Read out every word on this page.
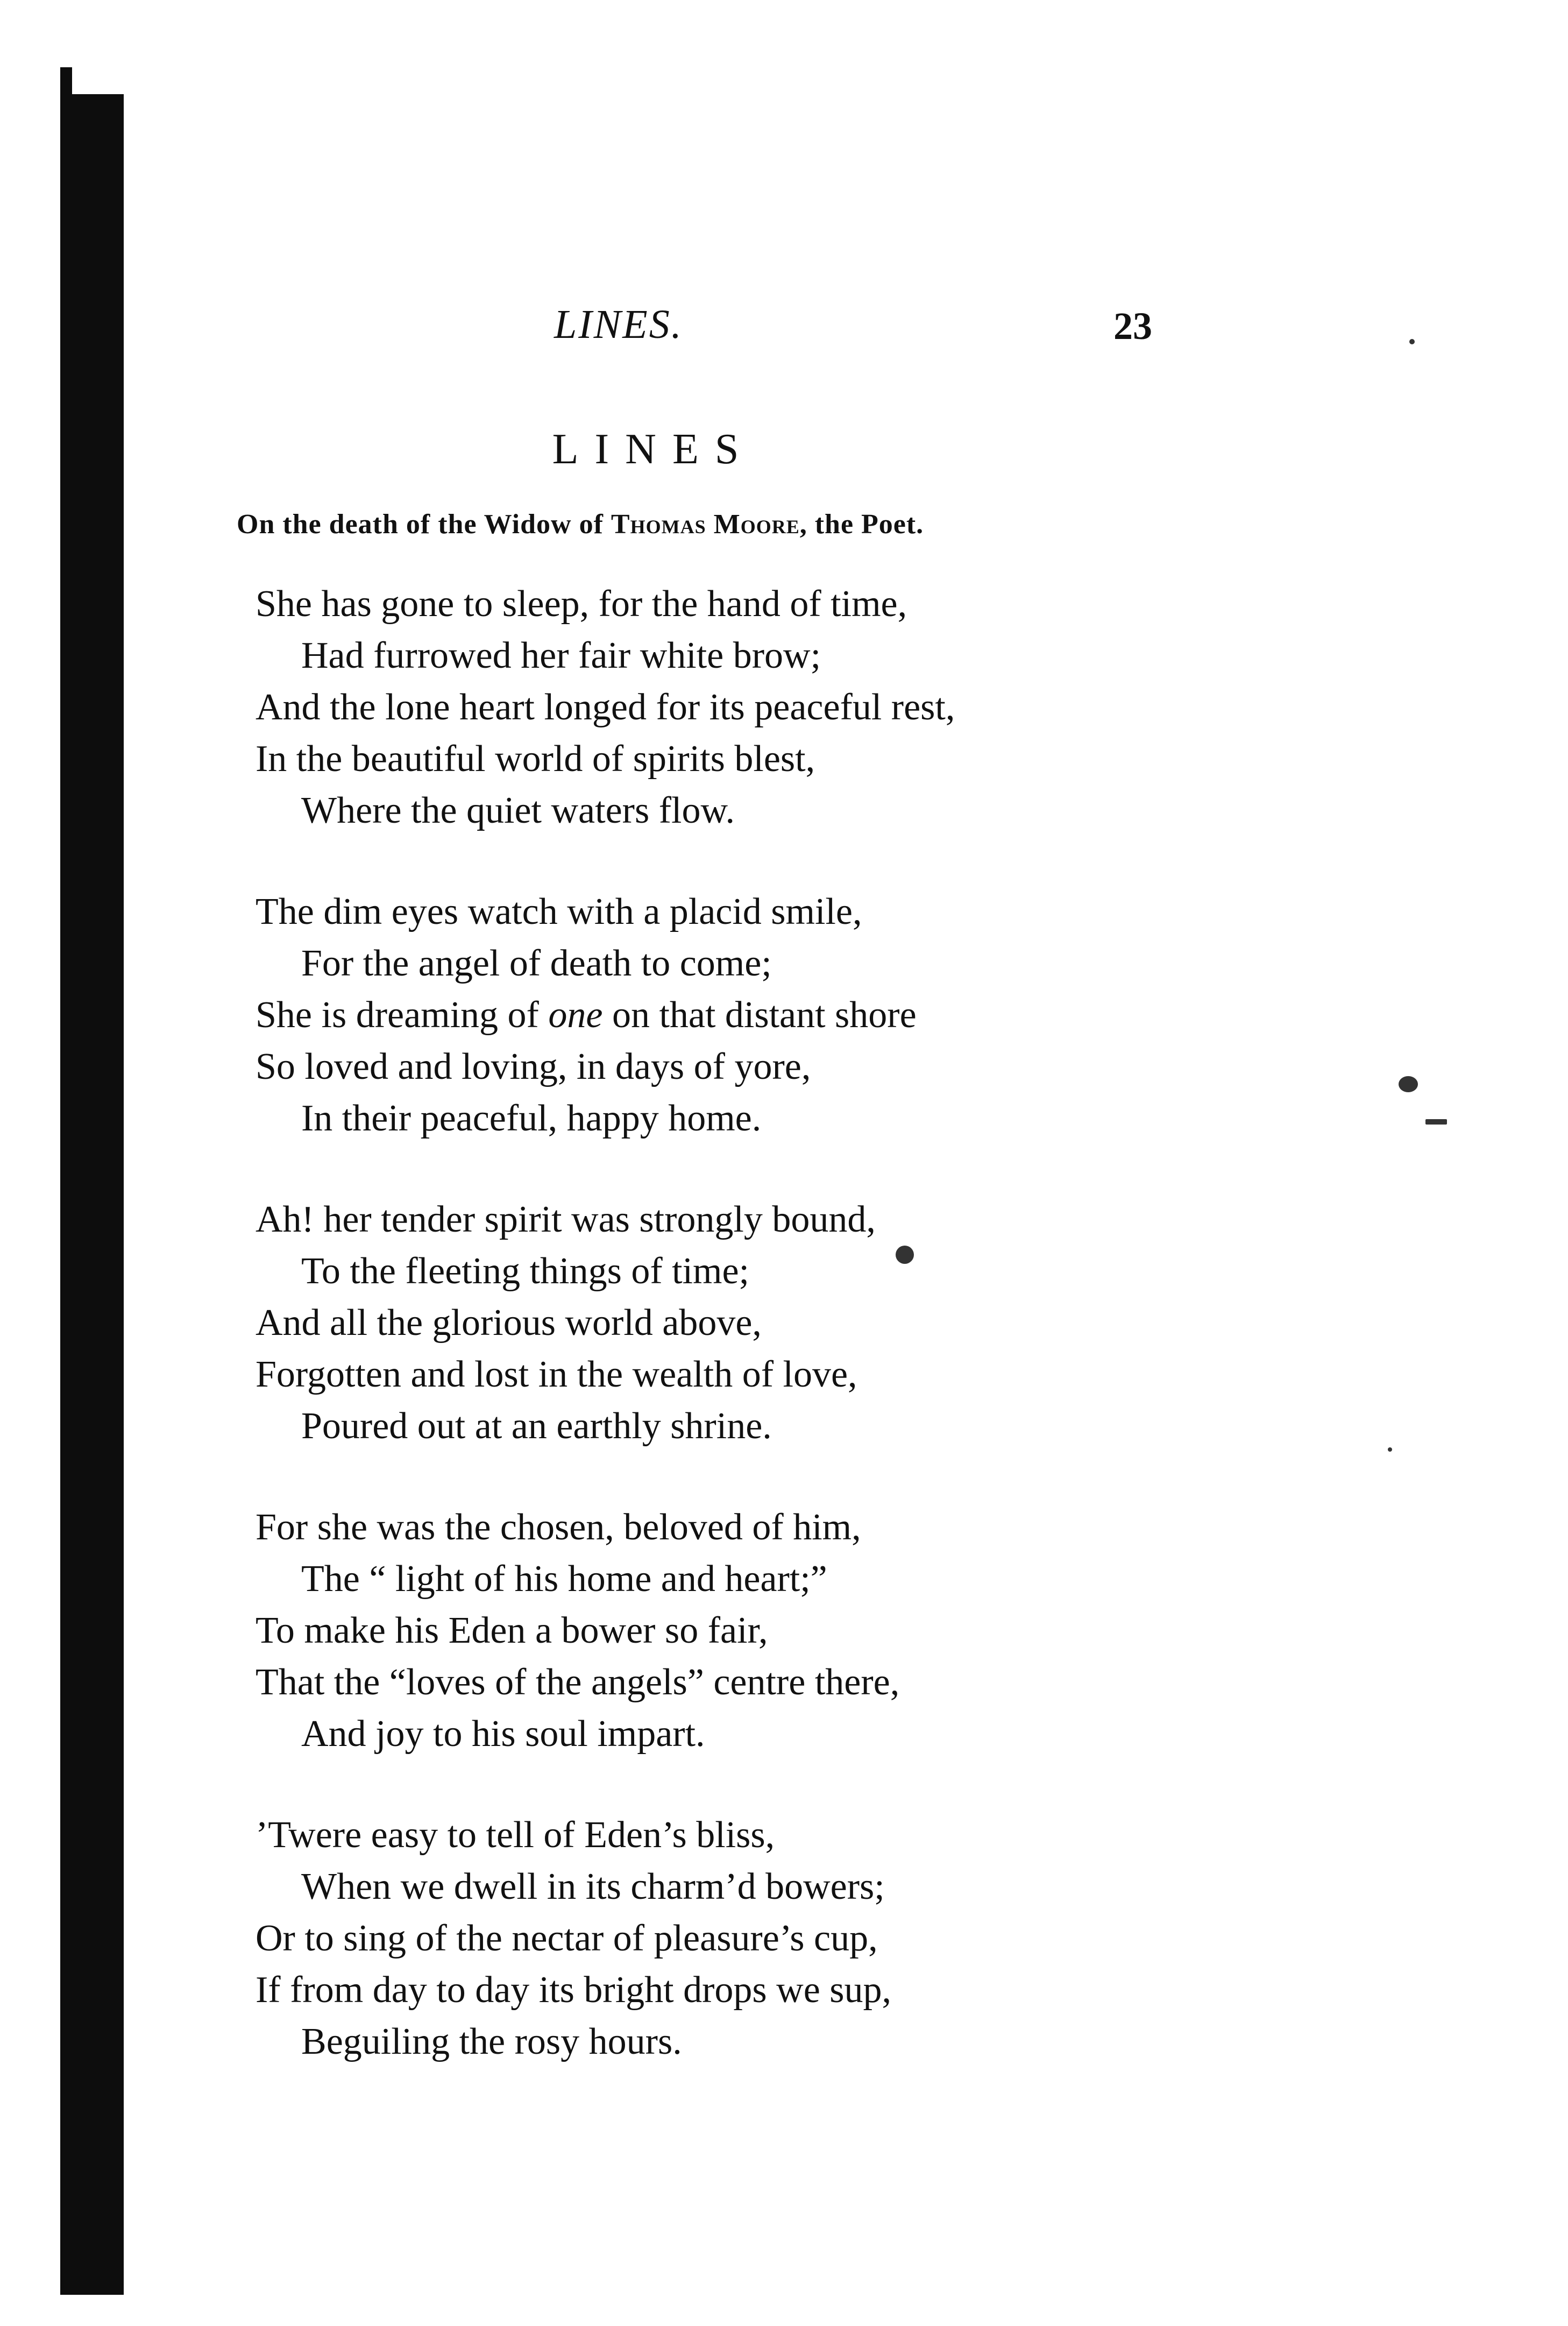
LINES.	23
LINES
On the death of the Widow of Thomas Moore, the Poet.
She has gone to sleep, for the hand of time,
Had furrowed her fair white brow;
And the lone heart longed for its peaceful rest,
In the beautiful world of spirits blest,
Where the quiet waters flow.
The dim eyes watch with a placid smile,
For the angel of death to come;
She is dreaming of one on that distant shore
So loved and loving, in days of yore,
In their peaceful, happy home.
Ah! her tender spirit was strongly bound,
To the fleeting things of time;
And all the glorious world above,
Forgotten and lost in the wealth of love,
Poured out at an earthly shrine.
For she was the chosen, beloved of him,
The “ light of his home and heart;”
To make his Eden a bower so fair,
That the “loves of the angels” centre there,
And joy to his soul impart.
’Twere easy to tell of Eden’s bliss,
When we dwell in its charm’d bowers;
Or to sing of the nectar of pleasure’s cup,
If from day to day its bright drops we sup,
Beguiling the rosy hours.
